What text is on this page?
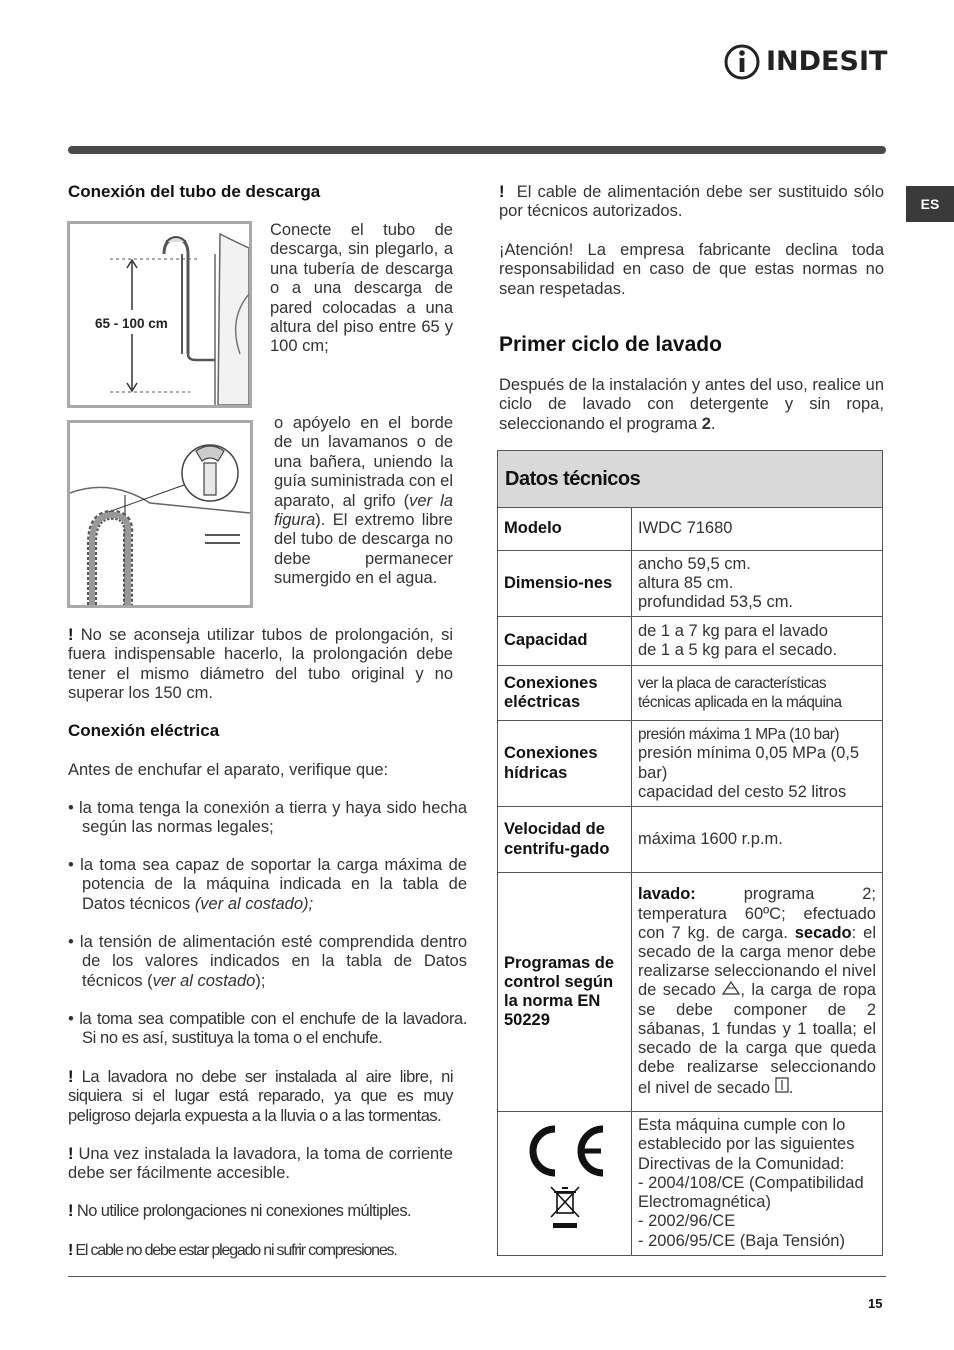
INDESIT
ES
Conexión del tubo de descarga
65 - 100 cm
Conecte el tubo de descarga, sin plegarlo, a una tubería de descarga o a una descarga de pared colocadas a una altura del piso entre 65 y 100 cm;
o apóyelo en el borde de un lavamanos o de una bañera, uniendo la guía suministrada con el aparato, al grifo (ver la figura). El extremo libre del tubo de descarga no debe permanecer sumergido en el agua.
! No se aconseja utilizar tubos de prolongación, si fuera indispensable hacerlo, la prolongación debe tener el mismo diámetro del tubo original y no superar los 150 cm.
Conexión eléctrica
Antes de enchufar el aparato, verifique que:
• la toma tenga la conexión a tierra y haya sido hecha según las normas legales;
• la toma sea capaz de soportar la carga máxima de potencia de la máquina indicada en la tabla de Datos técnicos (ver al costado);
• la tensión de alimentación esté comprendida dentro de los valores indicados en la tabla de Datos técnicos (ver al costado);
• la toma sea compatible con el enchufe de la lavadora. Si no es así, sustituya la toma o el enchufe.
! La lavadora no debe ser instalada al aire libre, ni siquiera si el lugar está reparado, ya que es muy peligroso dejarla expuesta a la lluvia o a las tormentas.
! Una vez instalada la lavadora, la toma de corriente debe ser fácilmente accesible.
! No utilice prolongaciones ni conexiones múltiples.
! El cable no debe estar plegado ni sufrir compresiones.
! El cable de alimentación debe ser sustituido sólo por técnicos autorizados.
¡Atención! La empresa fabricante declina toda responsabilidad en caso de que estas normas no sean respetadas.
Primer ciclo de lavado
Después de la instalación y antes del uso, realice un ciclo de lavado con detergente y sin ropa, seleccionando el programa 2.
Datos técnicos
Modelo	IWDC 71680
Dimensio-nes	ancho 59,5 cm.
altura 85 cm.
profundidad 53,5 cm.

Capacidad	de 1 a 7 kg para el lavado
de 1 a 5 kg para el secado.

Conexiones eléctricas	ver la placa de características técnicas aplicada en la máquina
Conexiones hídricas	presión máxima 1 MPa (10 bar)
presión mínima 0,05 MPa (0,5 bar)
capacidad del cesto 52 litros

Velocidad de centrifu-gado	máxima 1600 r.p.m.
Programas de control según la norma EN 50229	lavado: programa 2; temperatura 60ºC; efectuado con 7 kg. de carga. secado: el secado de la carga menor debe realizarse seleccionando el nivel de secado , la carga de ropa se debe componer de 2 sábanas, 1 fundas y 1 toalla; el secado de la carga que queda debe realizarse seleccionando el nivel de secado .

Esta máquina cumple con lo establecido por las siguientes Directivas de la Comunidad:
- 2004/108/CE (Compatibilidad Electromagnética)
- 2002/96/CE
- 2006/95/CE (Baja Tensión)
15
